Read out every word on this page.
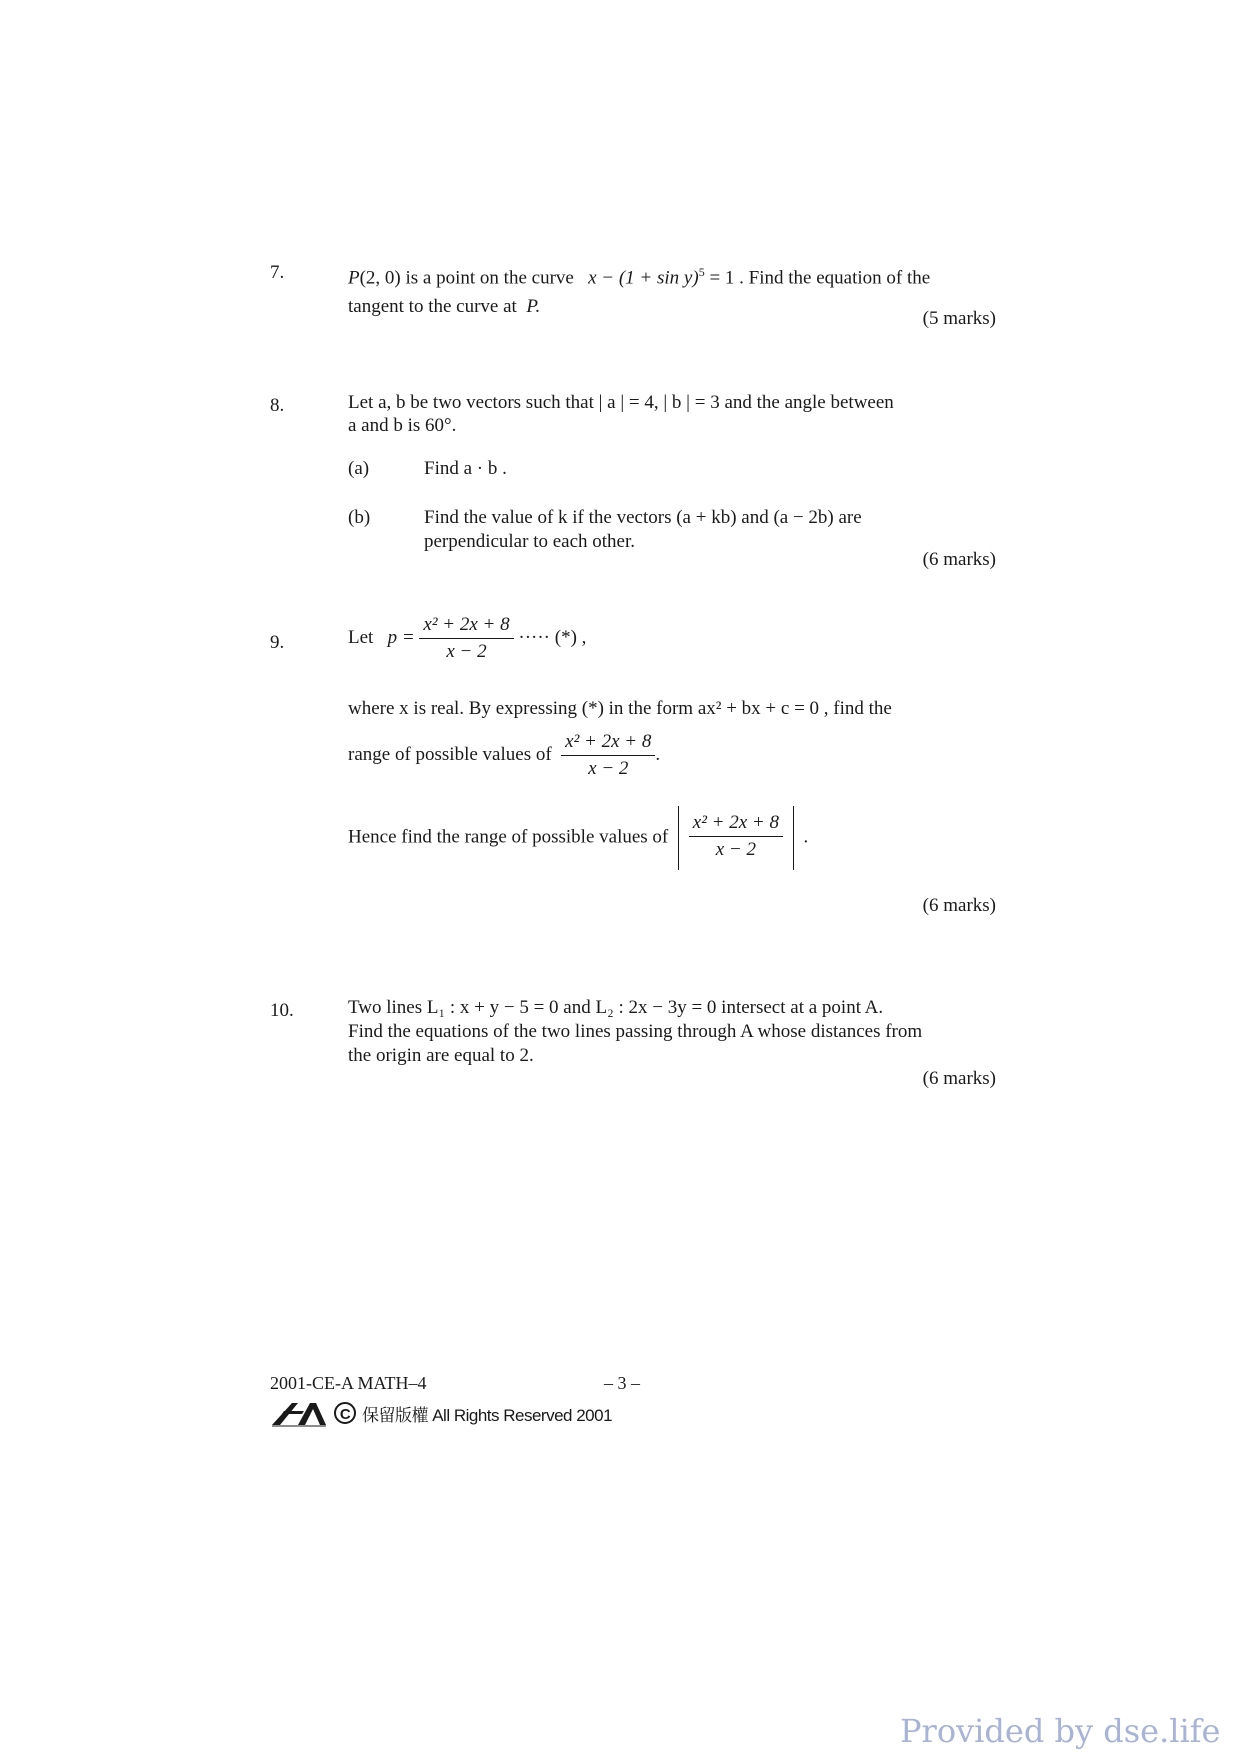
7.	P(2, 0) is a point on the curve $x - (1 + \sin y)^5 = 1$ . Find the equation of the
tangent to the curve at P.
(5 marks)
8.	Let a, b be two vectors such that | a | = 4, | b | = 3 and the angle between
a and b is 60°.
(a)	Find a · b .
(b)	Find the value of k if the vectors (a + kb) and (a − 2b) are
perpendicular to each other.
(6 marks)
9.	Let $p = \frac{\text{x² + 2x + 8}}{x - 2}$ ····· (*) ,
where x is real. By expressing (*) in the form ax² + bx + c = 0 , find the
range of possible values of $\frac{\text{x² + 2x + 8}}{x - 2}$ .
Hence find the range of possible values of $\frac{\text{x² + 2x + 8}}{x - 2}$ .
(6 marks)
10.	Two lines L₁ : x + y − 5 = 0 and L₂ : 2x − 3y = 0 intersect at a point A.
Find the equations of the two lines passing through A whose distances from
the origin are equal to 2.
(6 marks)
2001-CE-A MATH–4	– 3 –
C 保留版權 All Rights Reserved 2001
Provided by dse.life
